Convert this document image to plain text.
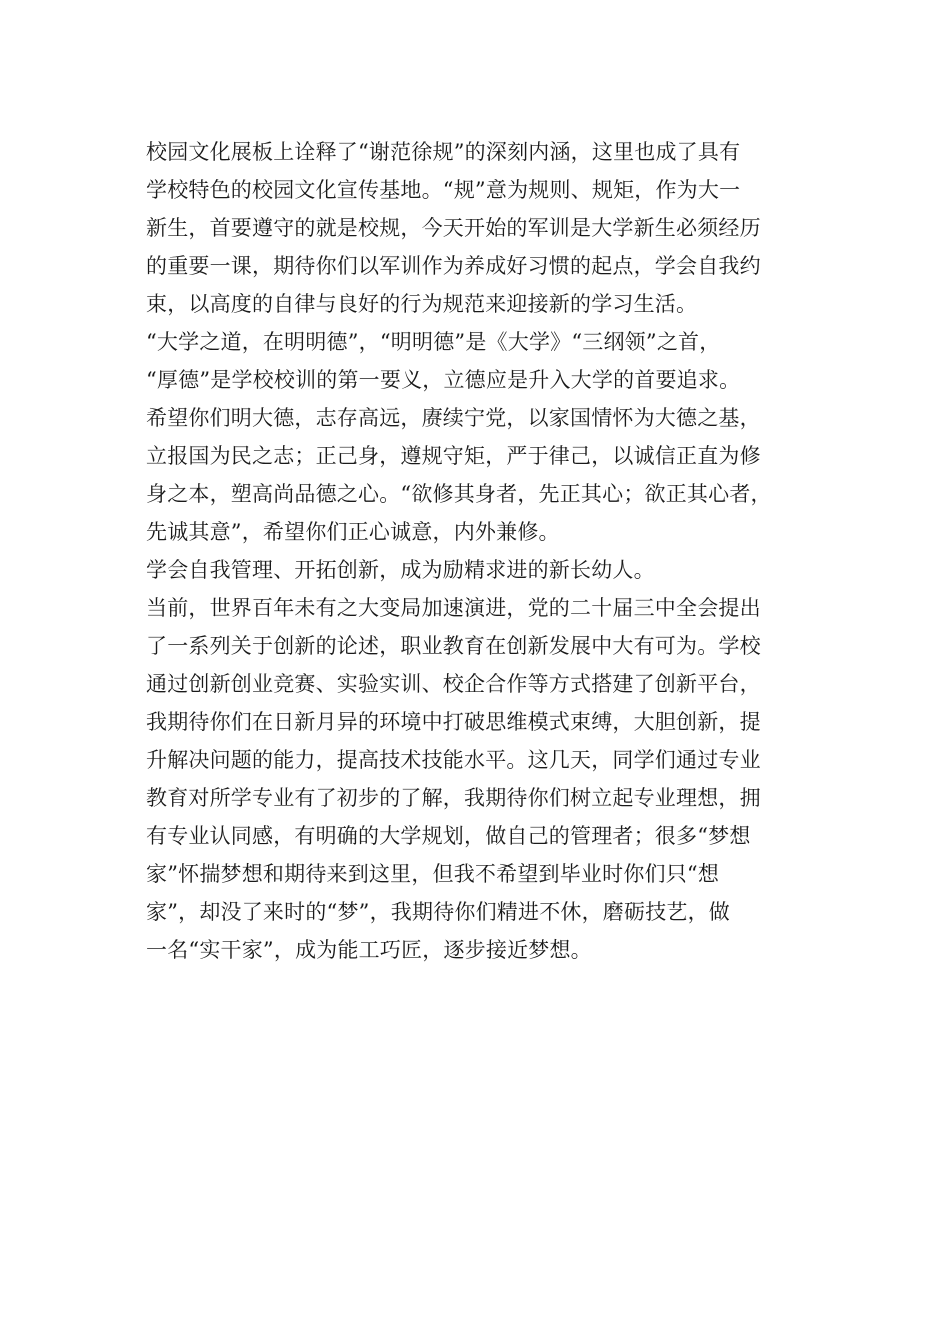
校园文化展板上诠释了“谢范徐规”的深刻内涵，这里也成了具有
学校特色的校园文化宣传基地。“规”意为规则、规矩，作为大一
新生，首要遵守的就是校规，今天开始的军训是大学新生必须经历
的重要一课，期待你们以军训作为养成好习惯的起点，学会自我约
束，以高度的自律与良好的行为规范来迎接新的学习生活。
“大学之道，在明明德”，“明明德”是《大学》“三纲领”之首，
“厚德”是学校校训的第一要义，立德应是升入大学的首要追求。
希望你们明大德，志存高远，赓续宁党，以家国情怀为大德之基，
立报国为民之志；正己身，遵规守矩，严于律己，以诚信正直为修
身之本，塑高尚品德之心。“欲修其身者，先正其心；欲正其心者，
先诚其意”，希望你们正心诚意，内外兼修。
学会自我管理、开拓创新，成为励精求进的新长幼人。
当前，世界百年未有之大变局加速演进，党的二十届三中全会提出
了一系列关于创新的论述，职业教育在创新发展中大有可为。学校
通过创新创业竞赛、实验实训、校企合作等方式搭建了创新平台，
我期待你们在日新月异的环境中打破思维模式束缚，大胆创新，提
升解决问题的能力，提高技术技能水平。这几天，同学们通过专业
教育对所学专业有了初步的了解，我期待你们树立起专业理想，拥
有专业认同感，有明确的大学规划，做自己的管理者；很多“梦想
家”怀揣梦想和期待来到这里，但我不希望到毕业时你们只“想
家”，却没了来时的“梦”，我期待你们精进不休，磨砺技艺，做
一名“实干家”，成为能工巧匠，逐步接近梦想。
